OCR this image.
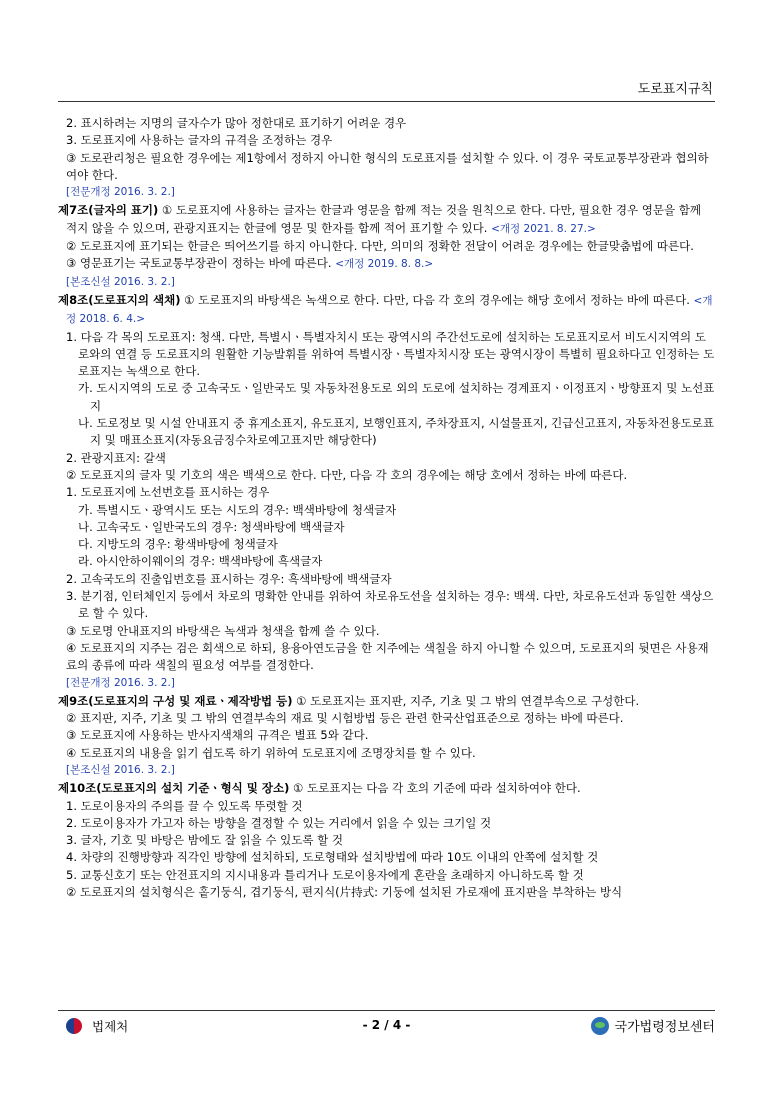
도로표지규칙
2. 표시하려는 지명의 글자수가 많아 정한대로 표기하기 어려운 경우
3. 도로표지에 사용하는 글자의 규격을 조정하는 경우
③ 도로관리청은 필요한 경우에는 제1항에서 정하지 아니한 형식의 도로표지를 설치할 수 있다. 이 경우 국토교통부장관과 협의하여야 한다.
[전문개정 2016. 3. 2.]
제7조(글자의 표기) ① 도로표지에 사용하는 글자는 한글과 영문을 함께 적는 것을 원칙으로 한다. 다만, 필요한 경우 영문을 함께 적지 않을 수 있으며, 관광지표지는 한글에 영문 및 한자를 함께 적어 표기할 수 있다. <개정 2021. 8. 27.>
② 도로표지에 표기되는 한글은 띄어쓰기를 하지 아니한다. 다만, 의미의 정확한 전달이 어려운 경우에는 한글맞춤법에 따른다.
③ 영문표기는 국토교통부장관이 정하는 바에 따른다. <개정 2019. 8. 8.>
[본조신설 2016. 3. 2.]
제8조(도로표지의 색채) ① 도로표지의 바탕색은 녹색으로 한다. 다만, 다음 각 호의 경우에는 해당 호에서 정하는 바에 따른다. <개정 2018. 6. 4.>
1. 다음 각 목의 도로표지: 청색. 다만, 특별시ㆍ특별자치시 또는 광역시의 주간선도로에 설치하는 도로표지로서 비도시지역의 도로와의 연결 등 도로표지의 원활한 기능발휘를 위하여 특별시장ㆍ특별자치시장 또는 광역시장이 특별히 필요하다고 인정하는 도로표지는 녹색으로 한다.
가. 도시지역의 도로 중 고속국도ㆍ일반국도 및 자동차전용도로 외의 도로에 설치하는 경계표지ㆍ이정표지ㆍ방향표지 및 노선표지
나. 도로정보 및 시설 안내표지 중 휴게소표지, 유도표지, 보행인표지, 주차장표지, 시설물표지, 긴급신고표지, 자동차전용도로표지 및 매표소표지(자동요금징수차로예고표지만 해당한다)
2. 관광지표지: 갈색
② 도로표지의 글자 및 기호의 색은 백색으로 한다. 다만, 다음 각 호의 경우에는 해당 호에서 정하는 바에 따른다.
1. 도로표지에 노선번호를 표시하는 경우
가. 특별시도ㆍ광역시도 또는 시도의 경우: 백색바탕에 청색글자
나. 고속국도ㆍ일반국도의 경우: 청색바탕에 백색글자
다. 지방도의 경우: 황색바탕에 청색글자
라. 아시안하이웨이의 경우: 백색바탕에 흑색글자
2. 고속국도의 진출입번호를 표시하는 경우: 흑색바탕에 백색글자
3. 분기점, 인터체인지 등에서 차로의 명확한 안내를 위하여 차로유도선을 설치하는 경우: 백색. 다만, 차로유도선과 동일한 색상으로 할 수 있다.
③ 도로명 안내표지의 바탕색은 녹색과 청색을 함께 쓸 수 있다.
④ 도로표지의 지주는 검은 회색으로 하되, 용융아연도금을 한 지주에는 색칠을 하지 아니할 수 있으며, 도로표지의 뒷면은 사용재료의 종류에 따라 색칠의 필요성 여부를 결정한다.
[전문개정 2016. 3. 2.]
제9조(도로표지의 구성 및 재료ㆍ제작방법 등) ① 도로표지는 표지판, 지주, 기초 및 그 밖의 연결부속으로 구성한다.
② 표지판, 지주, 기초 및 그 밖의 연결부속의 재료 및 시험방법 등은 관련 한국산업표준으로 정하는 바에 따른다.
③ 도로표지에 사용하는 반사지색채의 규격은 별표 5와 같다.
④ 도로표지의 내용을 읽기 쉽도록 하기 위하여 도로표지에 조명장치를 할 수 있다.
[본조신설 2016. 3. 2.]
제10조(도로표지의 설치 기준ㆍ형식 및 장소) ① 도로표지는 다음 각 호의 기준에 따라 설치하여야 한다.
1. 도로이용자의 주의를 끌 수 있도록 뚜렷할 것
2. 도로이용자가 가고자 하는 방향을 결정할 수 있는 거리에서 읽을 수 있는 크기일 것
3. 글자, 기호 및 바탕은 밤에도 잘 읽을 수 있도록 할 것
4. 차량의 진행방향과 직각인 방향에 설치하되, 도로형태와 설치방법에 따라 10도 이내의 안쪽에 설치할 것
5. 교통신호기 또는 안전표지의 지시내용과 틀리거나 도로이용자에게 혼란을 초래하지 아니하도록 할 것
② 도로표지의 설치형식은 홑기둥식, 겹기둥식, 편지식(片持式: 기둥에 설치된 가로재에 표지판을 부착하는 방식
법제처	- 2 / 4 -	국가법령정보센터
